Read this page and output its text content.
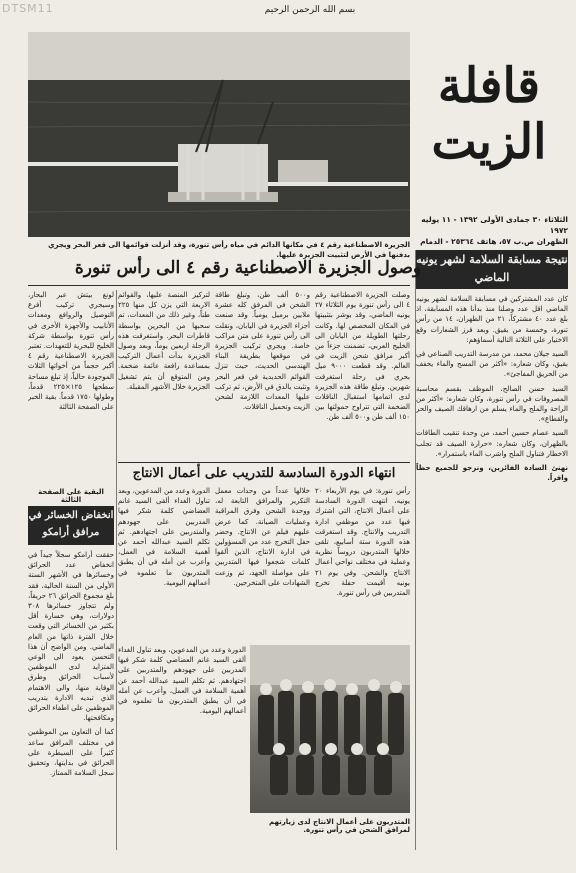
DTSM11	بسم الله الرحمن الرحيم
قافلة
الزيت
الثلاثاء ٣٠ جمادى الأولى ١٣٩٢ - ١١ يوليه ١٩٧٢
الظهران ص.ب ٥٧، هاتف ٢٥٣٦٤ - الدمام
الجزيرة الاصطناعية رقم ٤ في مكانها الدائم في مياه رأس تنورة، وقد أنزلت قوائمها الى قعر البحر ويجري بدفنها في الأرض لتثبيت الجزيرة عليها. نتيجة مسابقة السلامة لشهر يونيه الماضي
كان عدد المشتركين في مسابقة السلامة لشهر يونيه الماضي اقل عدد وصلنا منذ بدأنا هذه المسابقة، اذ بلغ عدد ٤٠ مشتركاً، ٢١ من الظهران، ١٤ من رأس تنورة، وخمسة من بقيق. وبعد فرز الشعارات وقع الاختيار على الثلاثة التالية أسماؤهم:
السيد جيلان محمد، من مدرسة التدريب الصناعي في بقيق، وكان شعاره: «أكثر من المسح والماء يخفف من الحريق المفاجئ».
السيد حسن الصالح، الموظف بقسم محاسبة المصروفات في رأس تنورة، وكان شعاره: «أكثر من الراحة والملح والماء يسلم من ارهاقك الصيف والحر والقطاع».
السيد عصام حسين أحمد، من وحدة تنقيب الطاقات بالظهران، وكان شعاره: «حرارة الصيف قد تجلب الاخطار فتناول الملح واشرب الماء باستمرار».
نهنئ السادة الفائزين، ونرجو للجميع حظاً وافراً.
وصول الجزيرة الاصطناعية رقم ٤ الى رأس تنورة
وصلت الجزيرة الاصطناعية رقم ٤ الى رأس تنورة يوم الثلاثاء ٢٧ يونيه الماضي، وقد بوشر بتثبيتها في المكان المخصص لها. وكانت رحلتها الطويلة من اليابان الى الخليج العربي، تضمنت جزءاً من أكبر مرافق شحن الزيت في العالم. وقد قطعت ٩٠٠٠ ميل بحري في رحلة استغرقت شهرين. وتبلغ طاقة هذه الجزيرة لدى اتمامها استقبال الناقلات الضخمة التي تتراوح حمولتها بين ١٥٠ ألف طن و٥٠٠ ألف طن.
و٥٠٠ ألف طن، وتبلغ طاقة الشحن في المرفق كله عشرة ملايين برميل يومياً. وقد صنعت أجزاء الجزيرة في اليابان، ونقلت الى رأس تنورة على متن مراكب خاصة. ويجري تركيب الجزيرة في موقعها بطريقة البناء الهندسي الحديث، حيث تنزل القوائم الحديدية في قعر البحر وتثبت بالدق في الأرض، ثم تركب عليها المعدات اللازمة لشحن الزيت وتحميل الناقلات.
لتركيز المنصة عليها، والقوائم الاربعة التي يزن كل منها ٢٢٥ طناً، وغير ذلك من المعدات، تم سحبها من البحرين بواسطة قاطرات البحر. واستغرقت هذه الرحلة اربعين يوماً، وبعد وصول الجزيرة بدأت أعمال التركيب بمساعدة رافعة عائمة ضخمة. ومن المتوقع أن يتم تشغيل الجزيرة خلال الأشهر المقبلة.
لونغ بيتش عبر البحار، وسيجري تركيب أفرع التوصيل والروافع ومعدات الأنابيب والأجهزة الأخرى في رأس تنورة بواسطة شركة الخليج للبحرية للتعهدات. تعتبر الجزيرة الاصطناعية رقم ٤ أكبر حجماً من أخواتها الثلاث الموجودة حالياً، إذ تبلغ مساحة سطحها ١٢٥×٢٢٥ قدماً، وطولها ١٧٥٠ قدماً. بقية الخبر على الصفحة الثالثة
البقية على الصفحة الثالثة
انتهاء الدورة السادسة للتدريب على أعمال الانتاج
رأس تنورة: في يوم الأربعاء ٢٠ يونيه، انتهت الدورة السادسة على أعمال الانتاج، التي اشترك فيها عدد من موظفي ادارة التدريب والانتاج. وقد استغرقت هذه الدورة ستة أسابيع، تلقى خلالها المتدربون دروساً نظرية وعملية في مختلف نواحي أعمال الانتاج والشحن. وفي يوم ٢١ يونيه أقيمت حفلة تخرج المتدربين في رأس تنورة.
خلالها عدداً من وحدات معمل التكرير والمرافق التابعة له، ووحدة الشحن وفرق المراقبة وعمليات الصيانة. كما عرض عليهم فيلم عن الانتاج. وحضر حفل التخرج عدد من المسؤولين في ادارة الانتاج، الذين ألقوا كلمات شجعوا فيها المتدربين على مواصلة الجهد، ثم وزعت الشهادات على المتخرجين.
الدورة وعدد من المدعوين، وبعد تناول الغداء ألقى السيد غانم العضاضي كلمة شكر فيها المدربين على جهودهم والمتدربين على اجتهادهم. ثم تكلم السيد عبدالله أحمد عن أهمية السلامة في العمل، وأعرب عن أمله في أن يطبق المتدربون ما تعلموه في أعمالهم اليومية.
انخفاض الخسائر في مرافق أرامكو
حققت أرامكو سجلاً جيداً في انخفاض عدد الحرائق وخسائرها في الأشهر الستة الأولى من السنة الحالية، فقد بلغ مجموع الحرائق ٢٦ حريقاً، ولم تتجاوز خسائرها ٣٠٨ دولارات، وهي خسارة أقل بكثير من الخسائر التي وقعت خلال الفترة ذاتها من العام الماضي. ومن الواضح أن هذا التحسن يعود الى الوعي المتزايد لدى الموظفين لأسباب الحرائق وطرق الوقاية منها، والى الاهتمام الذي تبديه الادارة بتدريب الموظفين على اطفاء الحرائق ومكافحتها.
كما أن التعاون بين الموظفين في مختلف المرافق ساعد كثيراً على السيطرة على الحرائق في بدايتها، وتحقيق سجل السلامة الممتاز.
المتدربون على أعمال الانتاج لدى زيارتهم لمرافق الشحن في رأس تنورة.
الدورة وعدد من المدعوين، وبعد تناول الغداء ألقى السيد غانم العضاضي كلمة شكر فيها المدربين على جهودهم والمتدربين على اجتهادهم. ثم تكلم السيد عبدالله أحمد عن أهمية السلامة في العمل، وأعرب عن أمله في أن يطبق المتدربون ما تعلموه في أعمالهم اليومية.
